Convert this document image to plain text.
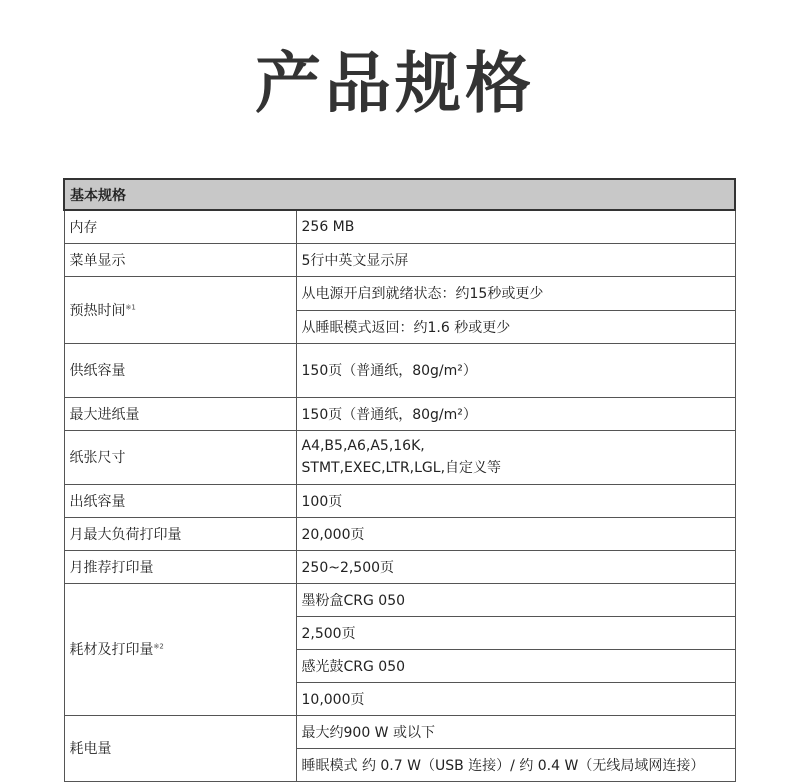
产品规格
基本规格	
内存	256 MB
菜单显示	5行中英文显示屏
预热时间$^{※1}$	从电源开启到就绪状态：约15秒或更少
	从睡眠模式返回：约1.6 秒或更少
供纸容量	150页（普通纸，80g/m²）
最大进纸量	150页（普通纸，80g/m²）
纸张尺寸	A4,B5,A6,A5,16K,
STMT,EXEC,LTR,LGL,自定义等

出纸容量	100页
月最大负荷打印量	20,000页
月推荐打印量	250~2,500页
耗材及打印量$^{※2}$	墨粉盒CRG 050
	2,500页
	感光鼓CRG 050
	10,000页
耗电量	最大约900 W 或以下
	睡眠模式 约 0.7 W（USB 连接）/ 约 0.4 W（无线局域网连接）
